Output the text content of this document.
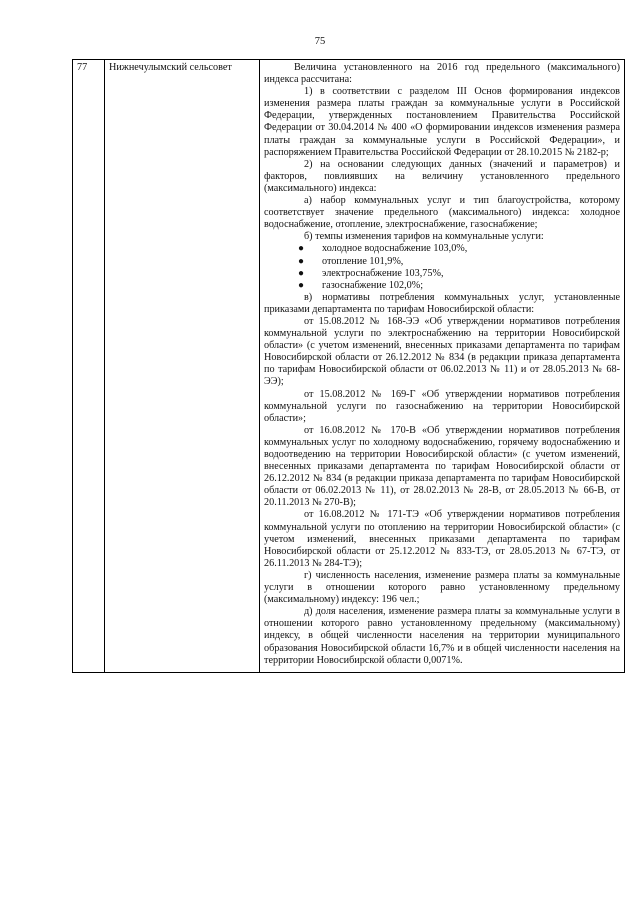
75
77	Нижнечулымский сельсовет	Величина установленного на 2016 год предельного (максимального) индекса рассчитана:

1) в соответствии с разделом III Основ формирования индексов изменения размера платы граждан за коммунальные услуги в Российской Федерации, утвержденных постановлением Правительства Российской Федерации от 30.04.2014 № 400 «О формировании индексов изменения размера платы граждан за коммунальные услуги в Российской Федерации», и распоряжением Правительства Российской Федерации от 28.10.2015 № 2182-р;

2) на основании следующих данных (значений и параметров) и факторов, повлиявших на величину установленного предельного (максимального) индекса:

а) набор коммунальных услуг и тип благоустройства, которому соответствует значение предельного (максимального) индекса: холодное водоснабжение, отопление, электроснабжение, газоснабжение;

б) темпы изменения тарифов на коммунальные услуги:

● холодное водоснабжение 103,0%,
● отопление 101,9%,
● электроснабжение 103,75%,
● газоснабжение 102,0%;

в) нормативы потребления коммунальных услуг, установленные приказами департамента по тарифам Новосибирской области:

от 15.08.2012 № 168-ЭЭ «Об утверждении нормативов потребления коммунальной услуги по электроснабжению на территории Новосибирской области» (с учетом изменений, внесенных приказами департамента по тарифам Новосибирской области от 26.12.2012 № 834 (в редакции приказа департамента по тарифам Новосибирской области от 06.02.2013 № 11) и от 28.05.2013 № 68-ЭЭ);

от 15.08.2012 № 169-Г «Об утверждении нормативов потребления коммунальной услуги по газоснабжению на территории Новосибирской области»;

от 16.08.2012 № 170-В «Об утверждении нормативов потребления коммунальных услуг по холодному водоснабжению, горячему водоснабжению и водоотведению на территории Новосибирской области» (с учетом изменений, внесенных приказами департамента по тарифам Новосибирской области от 26.12.2012 № 834 (в редакции приказа департамента по тарифам Новосибирской области от 06.02.2013 № 11), от 28.02.2013 № 28-В, от 28.05.2013 № 66-В, от 20.11.2013 № 270-В);

от 16.08.2012 № 171-ТЭ «Об утверждении нормативов потребления коммунальной услуги по отоплению на территории Новосибирской области» (с учетом изменений, внесенных приказами департамента по тарифам Новосибирской области от 25.12.2012 № 833-ТЭ, от 28.05.2013 № 67-ТЭ, от 26.11.2013 № 284-ТЭ);

г) численность населения, изменение размера платы за коммунальные услуги в отношении которого равно установленному предельному (максимальному) индексу: 196 чел.;

д) доля населения, изменение размера платы за коммунальные услуги в отношении которого равно установленному предельному (максимальному) индексу, в общей численности населения на территории муниципального образования Новосибирской области 16,7% и в общей численности населения на территории Новосибирской области 0,0071%.
